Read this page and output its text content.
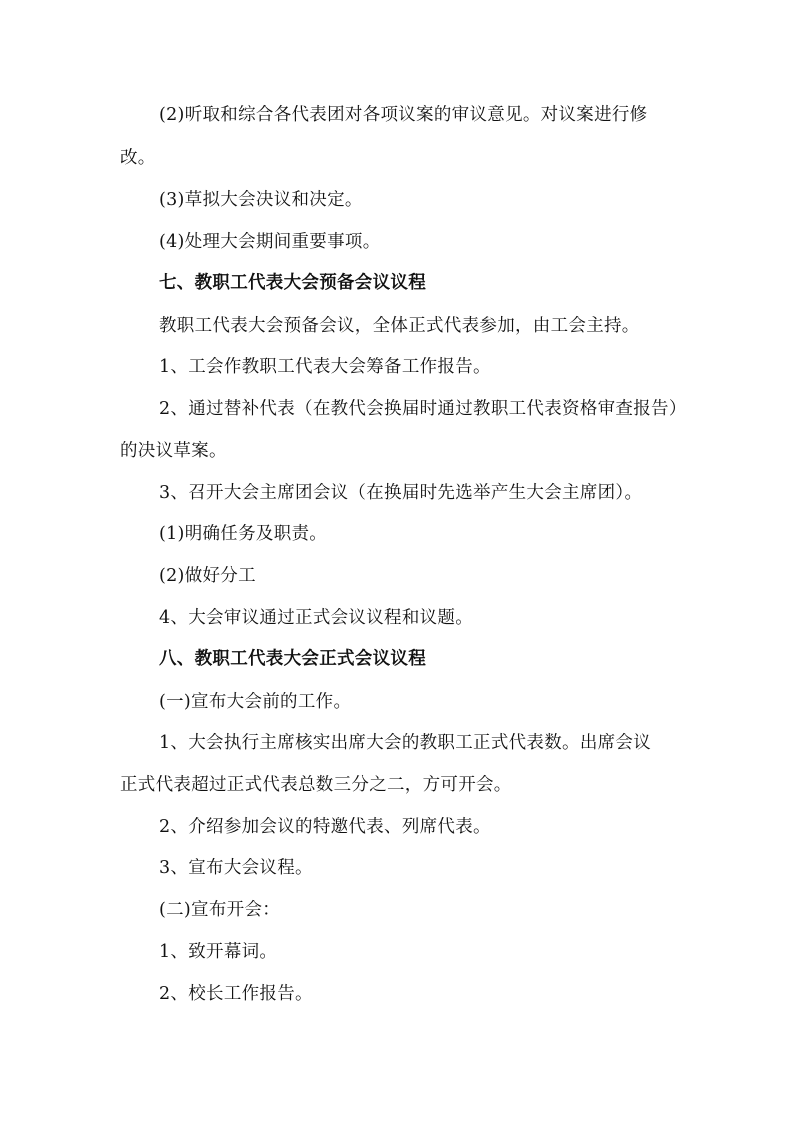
(2)听取和综合各代表团对各项议案的审议意见。对议案进行修
改。
(3)草拟大会决议和决定。
(4)处理大会期间重要事项。
七、教职工代表大会预备会议议程
教职工代表大会预备会议，全体正式代表参加，由工会主持。
1、工会作教职工代表大会筹备工作报告。
2、通过替补代表（在教代会换届时通过教职工代表资格审查报告）
的决议草案。
3、召开大会主席团会议（在换届时先选举产生大会主席团）。
(1)明确任务及职责。
(2)做好分工
4、大会审议通过正式会议议程和议题。
八、教职工代表大会正式会议议程
(一)宣布大会前的工作。
1、大会执行主席核实出席大会的教职工正式代表数。出席会议
正式代表超过正式代表总数三分之二，方可开会。
2、介绍参加会议的特邀代表、列席代表。
3、宣布大会议程。
(二)宣布开会：
1、致开幕词。
2、校长工作报告。
